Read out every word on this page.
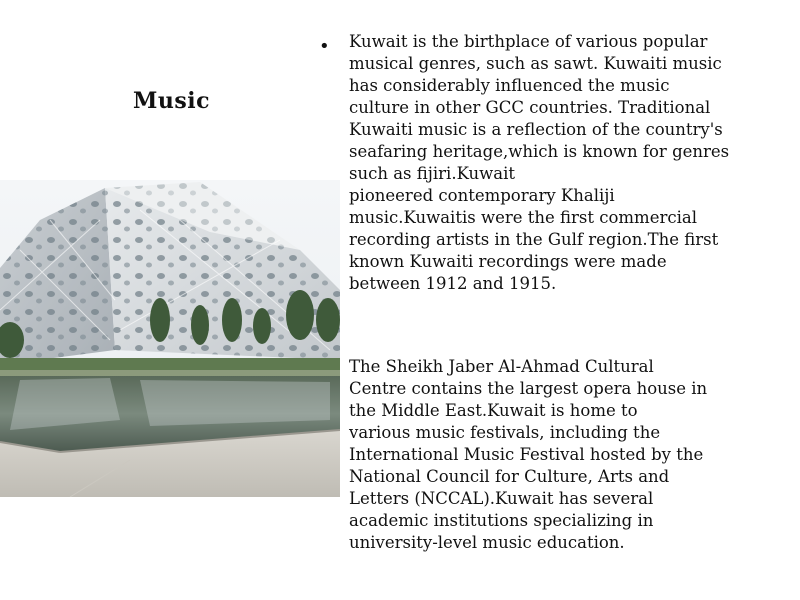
Music
• Kuwait is the birthplace of various popular
musical genres, such as sawt. Kuwaiti music
has considerably influenced the music
culture in other GCC countries. Traditional
Kuwaiti music is a reflection of the country's
seafaring heritage,which is known for genres
such as fijiri.Kuwait
pioneered contemporary Khaliji
music.Kuwaitis were the first commercial
recording artists in the Gulf region.The first
known Kuwaiti recordings were made
between 1912 and 1915.
The Sheikh Jaber Al-Ahmad Cultural
Centre contains the largest opera house in
the Middle East.Kuwait is home to
various music festivals, including the
International Music Festival hosted by the
National Council for Culture, Arts and
Letters (NCCAL).Kuwait has several
academic institutions specializing in
university-level music education.
